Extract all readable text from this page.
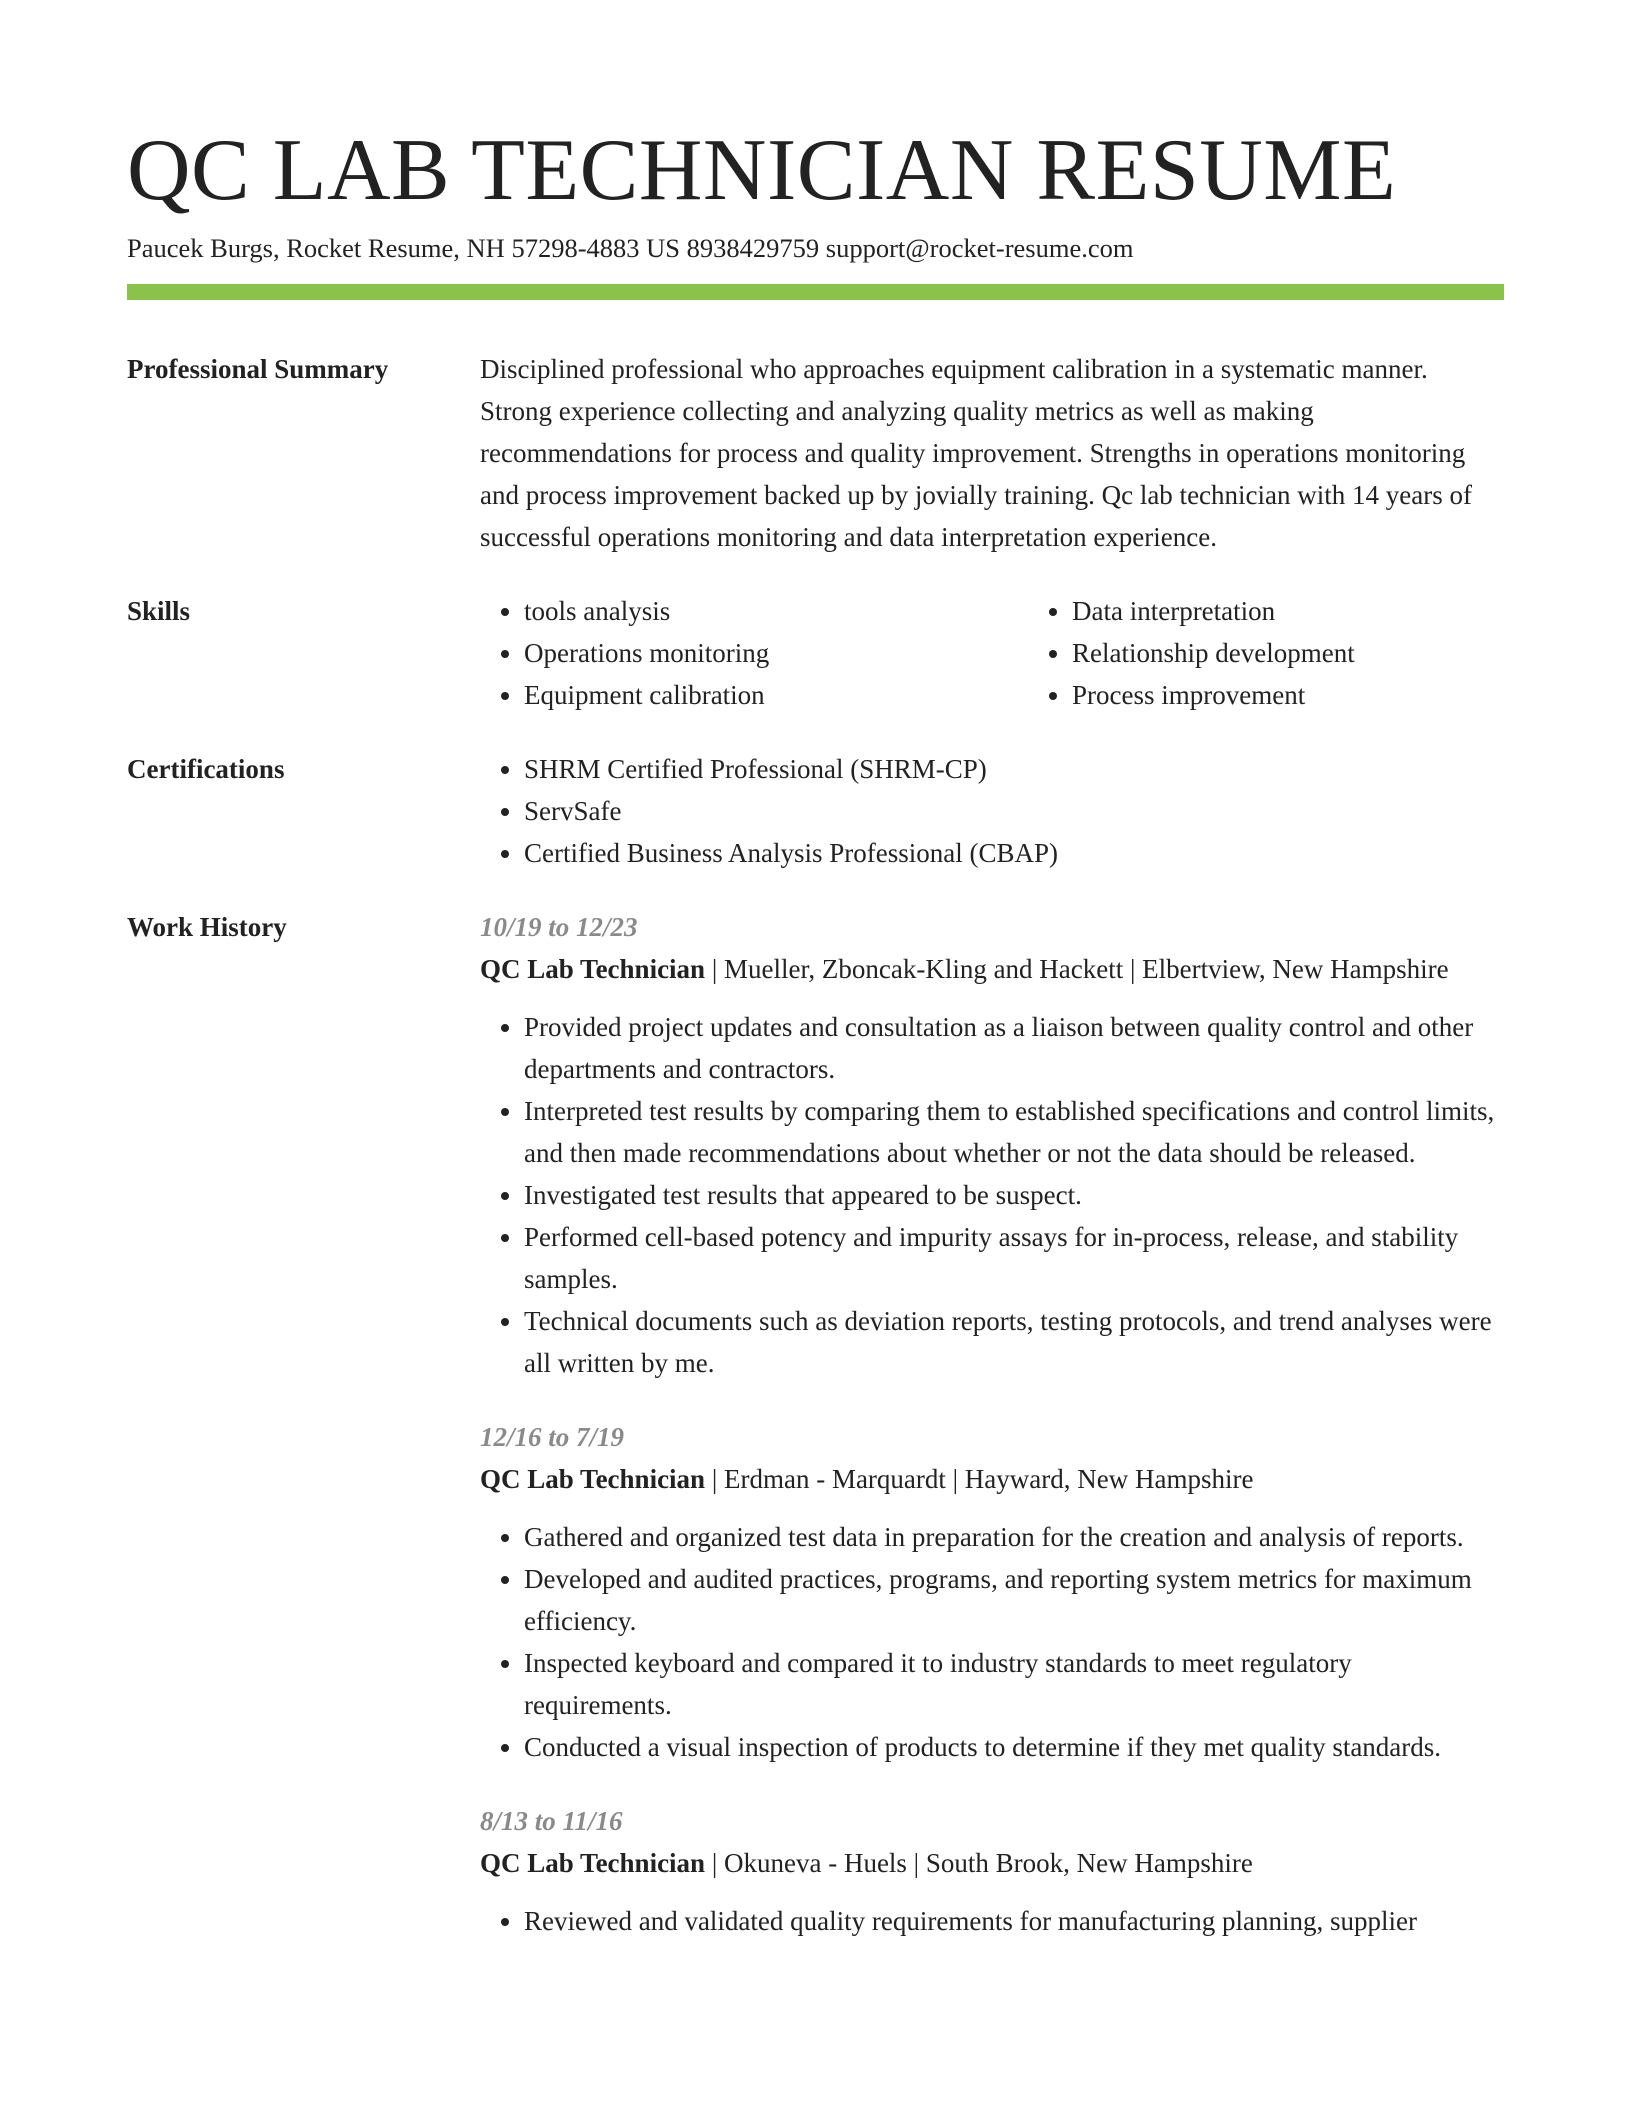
QC LAB TECHNICIAN RESUME
Paucek Burgs, Rocket Resume, NH 57298-4883 US 8938429759 support@rocket-resume.com
Professional Summary	Disciplined professional who approaches equipment calibration in a systematic manner. Strong experience collecting and analyzing quality metrics as well as making recommendations for process and quality improvement. Strengths in operations monitoring and process improvement backed up by jovially training. Qc lab technician with 14 years of successful operations monitoring and data interpretation experience.

Skills	• tools analysis
• Operations monitoring
• Equipment calibration
• Data interpretation
• Relationship development
• Process improvement
Certifications	• SHRM Certified Professional (SHRM-CP)
• ServSafe
• Certified Business Analysis Professional (CBAP)
Work History	10/19 to 12/23

QC Lab Technician | Mueller, Zboncak-Kling and Hackett | Elbertview, New Hampshire

• Provided project updates and consultation as a liaison between quality control and other departments and contractors.
• Interpreted test results by comparing them to established specifications and control limits, and then made recommendations about whether or not the data should be released.
• Investigated test results that appeared to be suspect.
• Performed cell-based potency and impurity assays for in-process, release, and stability samples.
• Technical documents such as deviation reports, testing protocols, and trend analyses were all written by me.

12/16 to 7/19

QC Lab Technician | Erdman - Marquardt | Hayward, New Hampshire

• Gathered and organized test data in preparation for the creation and analysis of reports.
• Developed and audited practices, programs, and reporting system metrics for maximum efficiency.
• Inspected keyboard and compared it to industry standards to meet regulatory requirements.
• Conducted a visual inspection of products to determine if they met quality standards.

8/13 to 11/16

QC Lab Technician | Okuneva - Huels | South Brook, New Hampshire

• Reviewed and validated quality requirements for manufacturing planning, supplier
